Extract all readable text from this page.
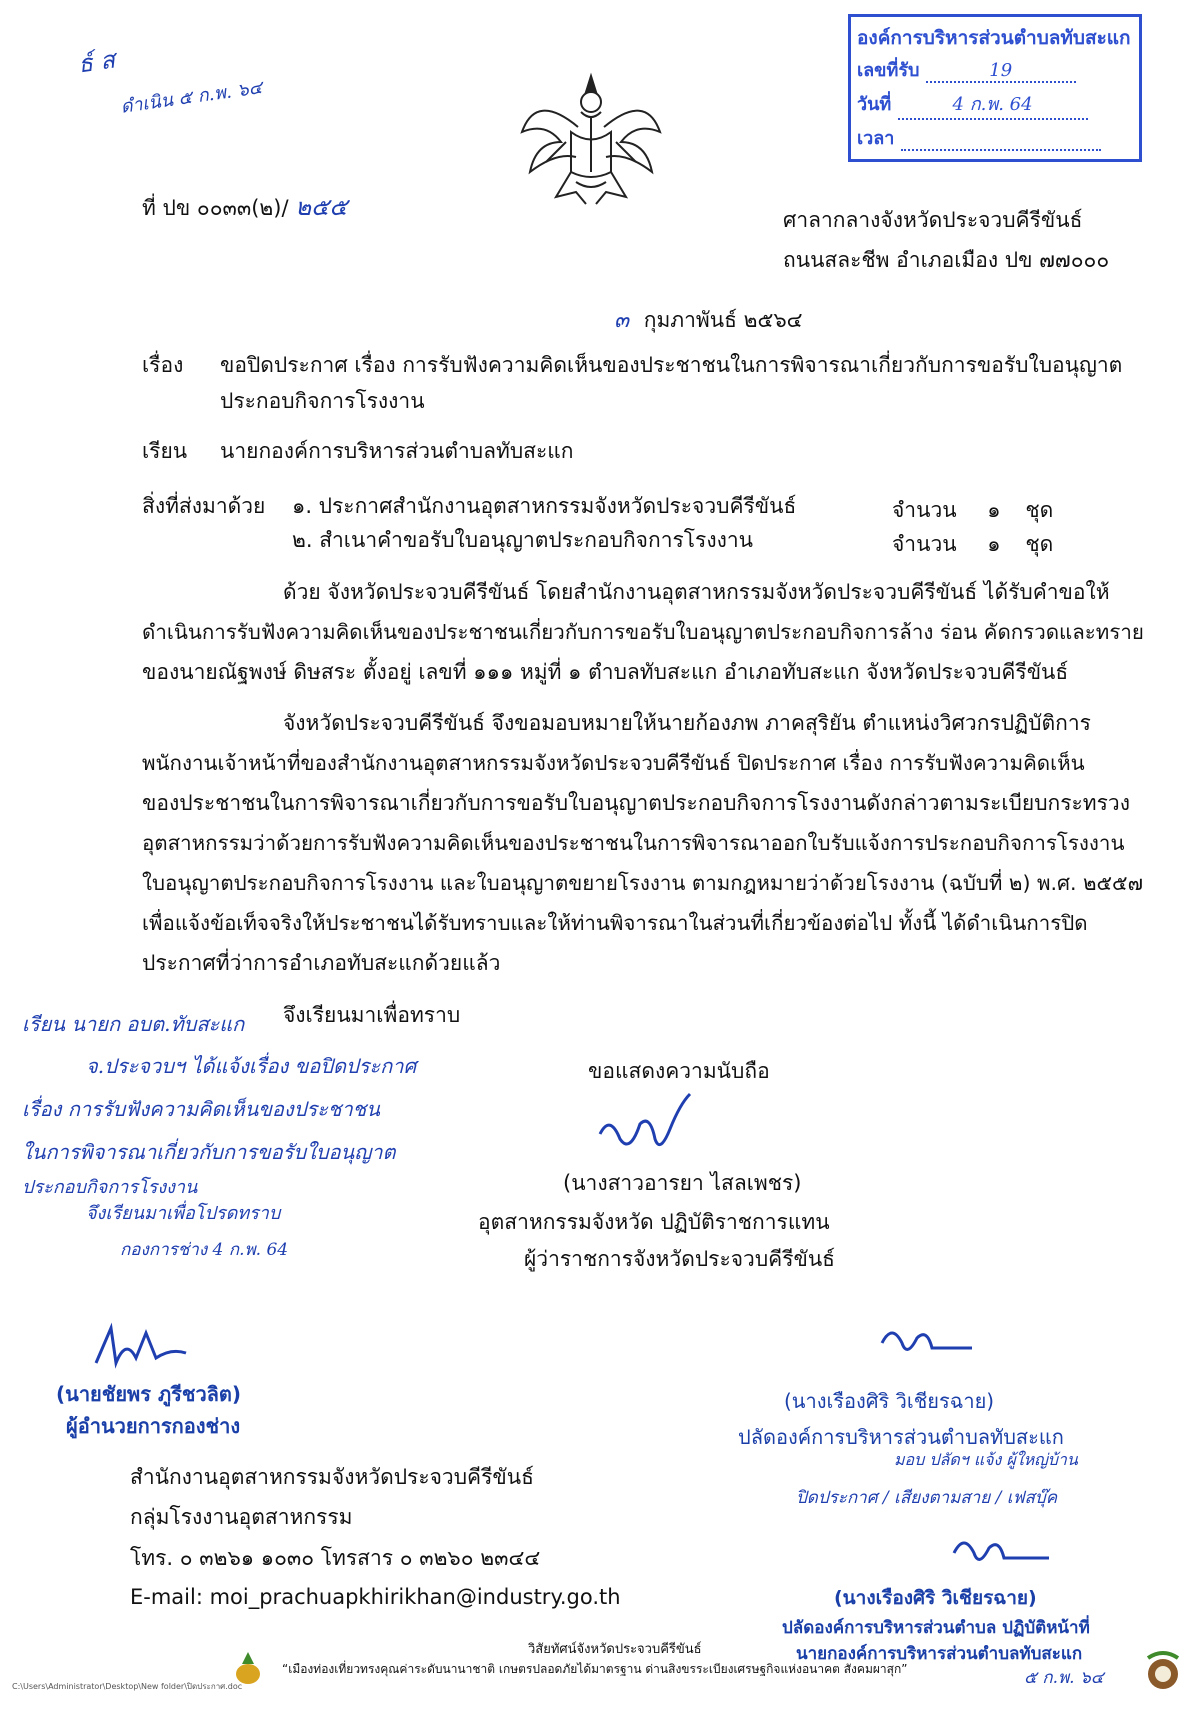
องค์การบริหารส่วนตำบลทับสะแก
เลขที่รับ	19
วันที่	4 ก.พ. 64
เวลา
ธ์ ส
ดำเนิน ๕ ก.พ. ๖๔
ที่ ปข ๐๐๓๓(๒)/ ๒๕๕	ศาลากลางจังหวัดประจวบคีรีขันธ์
ถนนสละชีพ อำเภอเมือง ปข ๗๗๐๐๐
๓ กุมภาพันธ์ ๒๕๖๔
เรื่อง ขอปิดประกาศ เรื่อง การรับฟังความคิดเห็นของประชาชนในการพิจารณาเกี่ยวกับการขอรับใบอนุญาต
ประกอบกิจการโรงงาน
เรียน นายกองค์การบริหารส่วนตำบลทับสะแก
สิ่งที่ส่งมาด้วย ๑. ประกาศสำนักงานอุตสาหกรรมจังหวัดประจวบคีรีขันธ์	จำนวน ๑ ชุด
๒. สำเนาคำขอรับใบอนุญาตประกอบกิจการโรงงาน	จำนวน ๑ ชุด
ด้วย จังหวัดประจวบคีรีขันธ์ โดยสำนักงานอุตสาหกรรมจังหวัดประจวบคีรีขันธ์ ได้รับคำขอให้
ดำเนินการรับฟังความคิดเห็นของประชาชนเกี่ยวกับการขอรับใบอนุญาตประกอบกิจการล้าง ร่อน คัดกรวดและทราย
ของนายณัฐพงษ์ ดิษสระ ตั้งอยู่ เลขที่ ๑๑๑ หมู่ที่ ๑ ตำบลทับสะแก อำเภอทับสะแก จังหวัดประจวบคีรีขันธ์
จังหวัดประจวบคีรีขันธ์ จึงขอมอบหมายให้นายก้องภพ ภาคสุริยัน ตำแหน่งวิศวกรปฏิบัติการ
พนักงานเจ้าหน้าที่ของสำนักงานอุตสาหกรรมจังหวัดประจวบคีรีขันธ์ ปิดประกาศ เรื่อง การรับฟังความคิดเห็น
ของประชาชนในการพิจารณาเกี่ยวกับการขอรับใบอนุญาตประกอบกิจการโรงงานดังกล่าวตามระเบียบกระทรวง
อุตสาหกรรมว่าด้วยการรับฟังความคิดเห็นของประชาชนในการพิจารณาออกใบรับแจ้งการประกอบกิจการโรงงาน
ใบอนุญาตประกอบกิจการโรงงาน และใบอนุญาตขยายโรงงาน ตามกฎหมายว่าด้วยโรงงาน (ฉบับที่ ๒) พ.ศ. ๒๕๕๗
เพื่อแจ้งข้อเท็จจริงให้ประชาชนได้รับทราบและให้ท่านพิจารณาในส่วนที่เกี่ยวข้องต่อไป ทั้งนี้ ได้ดำเนินการปิด
ประกาศที่ว่าการอำเภอทับสะแกด้วยแล้ว
จึงเรียนมาเพื่อทราบ
ขอแสดงความนับถือ
(นางสาวอารยา ไสลเพชร)
อุตสาหกรรมจังหวัด ปฏิบัติราชการแทน
ผู้ว่าราชการจังหวัดประจวบคีรีขันธ์
เรียน นายก อบต.ทับสะแก
จ.ประจวบฯ ได้แจ้งเรื่อง ขอปิดประกาศ
เรื่อง การรับฟังความคิดเห็นของประชาชน
ในการพิจารณาเกี่ยวกับการขอรับใบอนุญาต
ประกอบกิจการโรงงาน
จึงเรียนมาเพื่อโปรดทราบ
กองการช่าง 4 ก.พ. 64
(นายชัยพร ภูรีชวลิต)
ผู้อำนวยการกองช่าง
(นางเรืองศิริ วิเชียรฉาย)
ปลัดองค์การบริหารส่วนตำบลทับสะแก
มอบ ปลัดฯ แจ้ง ผู้ใหญ่บ้าน
ปิดประกาศ / เสียงตามสาย / เฟสบุ๊ค
(นางเรืองศิริ วิเชียรฉาย)
ปลัดองค์การบริหารส่วนตำบล ปฏิบัติหน้าที่
นายกองค์การบริหารส่วนตำบลทับสะแก
๕ ก.พ. ๖๔
สำนักงานอุตสาหกรรมจังหวัดประจวบคีรีขันธ์
กลุ่มโรงงานอุตสาหกรรม
โทร. ๐ ๓๒๖๑ ๑๐๓๐ โทรสาร ๐ ๓๒๖๐ ๒๓๔๔
E-mail: moi_prachuapkhirikhan@industry.go.th
วิสัยทัศน์จังหวัดประจวบคีรีขันธ์
“เมืองท่องเที่ยวทรงคุณค่าระดับนานาชาติ เกษตรปลอดภัยได้มาตรฐาน ด่านสิงขรระเบียงเศรษฐกิจแห่งอนาคต สังคมผาสุก”
C:\Users\Administrator\Desktop\New folder\ปิดประกาศ.doc
